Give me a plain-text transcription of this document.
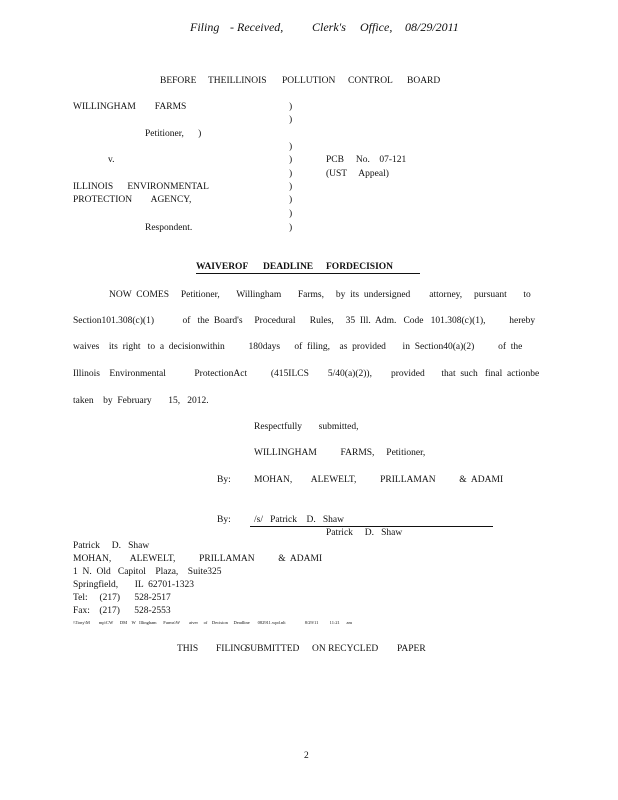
Filing - Received, Clerk's Office, 08/29/2011
BEFORE THEILLINOIS POLLUTION CONTROL BOARD
WILLINGHAM        FARMS
Petitioner,      )
v.
ILLINOIS      ENVIRONMENTAL
PROTECTION        AGENCY,
Respondent.
)
)
)
)
)
)
)
)
)
PCB     No.    07-121
(UST     Appeal)
WAIVEROF DEADLINE FORDECISION
NOW  COMES     Petitioner,       Willingham       Farms,     by  its  undersigned        attorney,     pursuant       to
Section101.308(c)(1)            of   the  Board's     Procedural      Rules,     35  Ill.  Adm.   Code   101.308(c)(1),          hereby
waives    its  right   to  a  decisionwithin          180days      of  filing,    as  provided       in  Section40(a)(2)          of  the
Illinois    Environmental            ProtectionAct          (415ILCS        5/40(a)(2)),        provided       that  such   final  actionbe
taken    by  February       15,   2012.
Respectfully       submitted,
WILLINGHAM          FARMS,     Petitioner,
By: MOHAN,        ALEWELT,          PRILLAMAN          &  ADAMI
By: /s/   Patrick    D.   Shaw
Patrick     D.   Shaw
Patrick     D.   Shaw
MOHAN,        ALEWELT,          PRILLAMAN          &  ADAMI
1  N.  Old   Capitol    Plaza,    Suite325
Springfield,       IL  62701-1323
Tel:     (217)      528-2517
Fax:    (217)      528-2553
\\Tony\M        mp\CW      DM    W   Illingham      Farms\W        aiver     of    Decision     Deadline       082911.wpd.nlt                 8/29/11          11:21      am
THIS FILING
SUBMITTED ON RECYCLED PAPER
2
